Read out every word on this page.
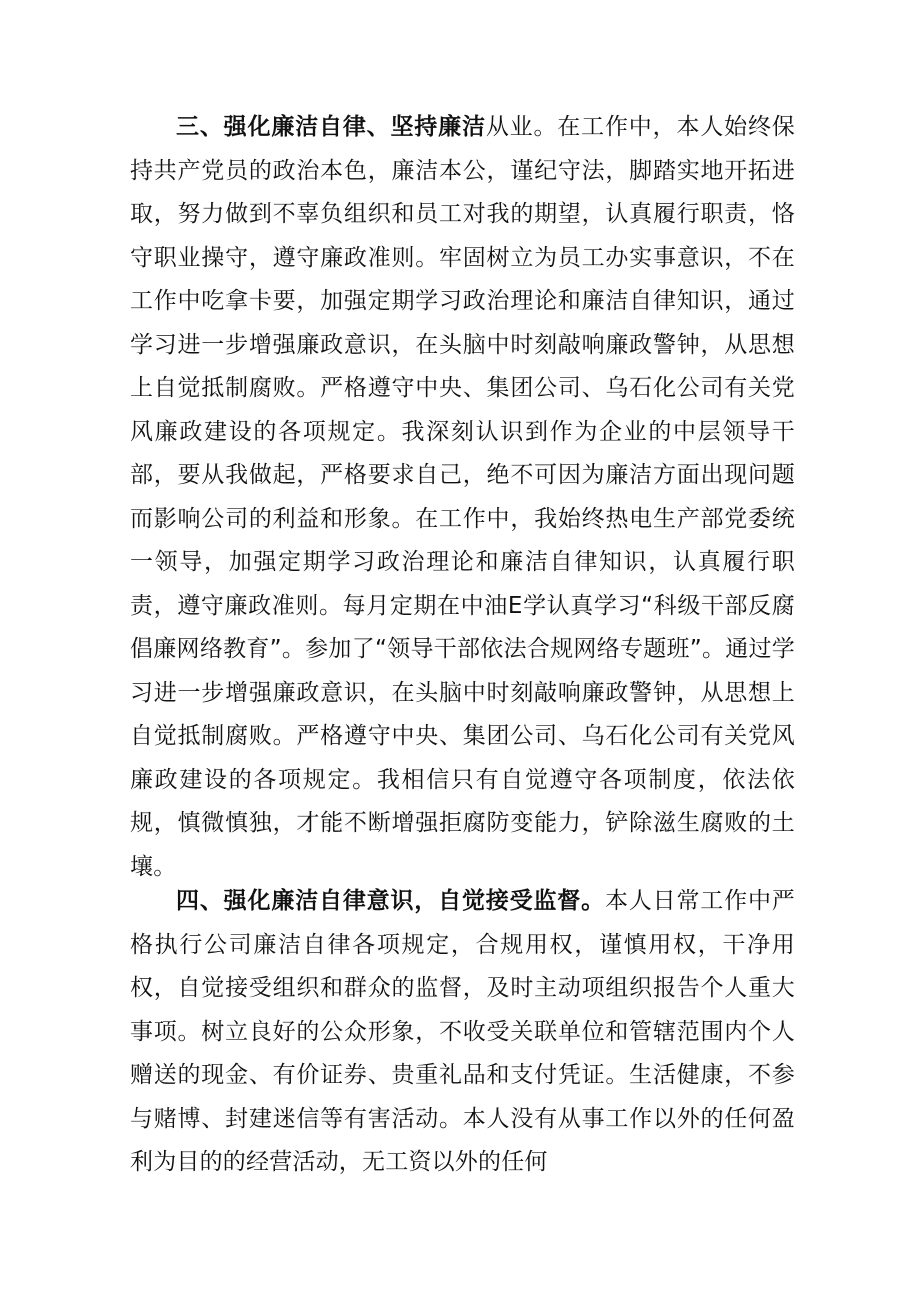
三、强化廉洁自律、坚持廉洁从业。在工作中，本人始终保持共产党员的政治本色，廉洁本公，谨纪守法，脚踏实地开拓进取，努力做到不辜负组织和员工对我的期望，认真履行职责，恪守职业操守，遵守廉政准则。牢固树立为员工办实事意识，不在工作中吃拿卡要，加强定期学习政治理论和廉洁自律知识，通过学习进一步增强廉政意识，在头脑中时刻敲响廉政警钟，从思想上自觉抵制腐败。严格遵守中央、集团公司、乌石化公司有关党风廉政建设的各项规定。我深刻认识到作为企业的中层领导干部，要从我做起，严格要求自己，绝不可因为廉洁方面出现问题而影响公司的利益和形象。在工作中，我始终热电生产部党委统一领导，加强定期学习政治理论和廉洁自律知识，认真履行职责，遵守廉政准则。每月定期在中油E学认真学习“科级干部反腐倡廉网络教育”。参加了“领导干部依法合规网络专题班”。通过学习进一步增强廉政意识，在头脑中时刻敲响廉政警钟，从思想上自觉抵制腐败。严格遵守中央、集团公司、乌石化公司有关党风廉政建设的各项规定。我相信只有自觉遵守各项制度，依法依规，慎微慎独，才能不断增强拒腐防变能力，铲除滋生腐败的土壤。

四、强化廉洁自律意识，自觉接受监督。本人日常工作中严格执行公司廉洁自律各项规定，合规用权，谨慎用权，干净用权，自觉接受组织和群众的监督，及时主动项组织报告个人重大事项。树立良好的公众形象，不收受关联单位和管辖范围内个人赠送的现金、有价证券、贵重礼品和支付凭证。生活健康，不参与赌博、封建迷信等有害活动。本人没有从事工作以外的任何盈利为目的的经营活动，无工资以外的任何
